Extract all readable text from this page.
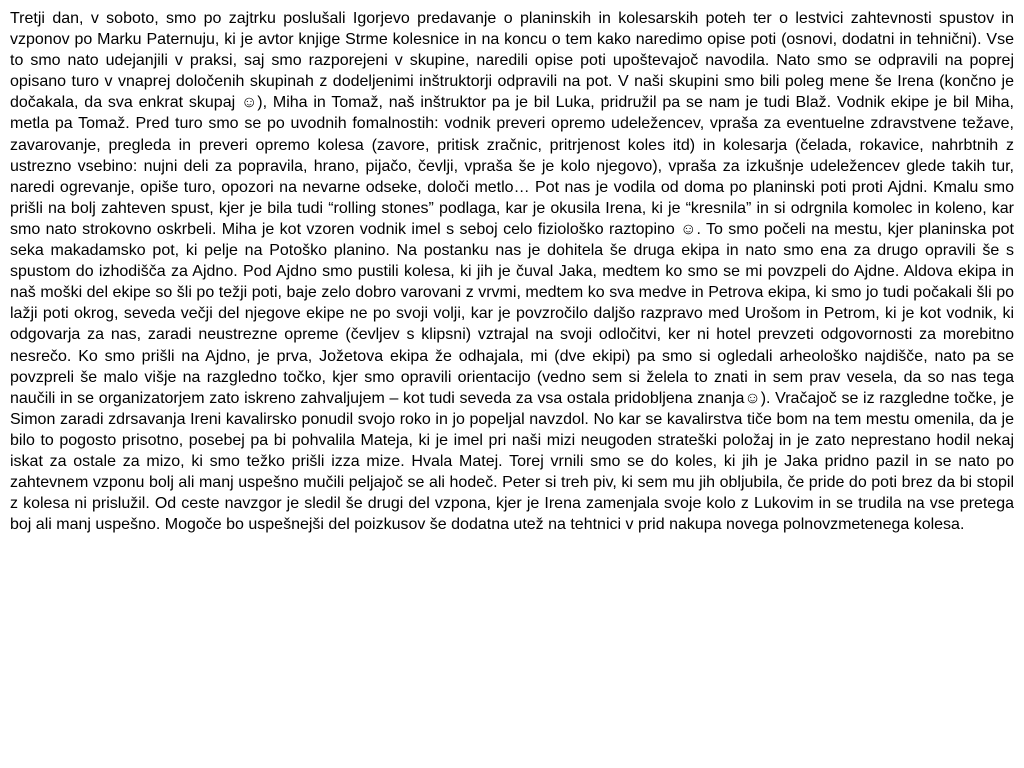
Tretji dan, v soboto, smo po zajtrku poslušali Igorjevo predavanje o planinskih in kolesarskih poteh ter o lestvici zahtevnosti spustov in vzponov po Marku Paternuju, ki je avtor knjige Strme kolesnice in na koncu o tem kako naredimo opise poti (osnovi, dodatni in tehnični). Vse to smo nato udejanjili v praksi, saj smo razporejeni v skupine, naredili opise poti upoštevajoč navodila. Nato smo se odpravili na poprej opisano turo v vnaprej določenih skupinah z dodeljenimi inštruktorji odpravili na pot. V naši skupini smo bili poleg mene še Irena (končno je dočakala, da sva enkrat skupaj ☺), Miha in Tomaž, naš inštruktor pa je bil Luka, pridružil pa se nam je tudi Blaž. Vodnik ekipe je bil Miha, metla pa Tomaž. Pred turo smo se po uvodnih fomalnostih: vodnik preveri opremo udeležencev, vpraša za eventuelne zdravstvene težave, zavarovanje, pregleda in preveri opremo kolesa (zavore, pritisk zračnic, pritrjenost koles itd) in kolesarja (čelada, rokavice, nahrbtnih z ustrezno vsebino: nujni deli za popravila, hrano, pijačo, čevlji, vpraša še je kolo njegovo), vpraša za izkušnje udeležencev glede takih tur, naredi ogrevanje, opiše turo, opozori na nevarne odseke, določi metlo… Pot nas je vodila od doma po planinski poti proti Ajdni. Kmalu smo prišli na bolj zahteven spust, kjer je bila tudi “rolling stones” podlaga, kar je okusila Irena, ki je “kresnila” in si odrgnila komolec in koleno, kar smo nato strokovno oskrbeli. Miha je kot vzoren vodnik imel s seboj celo fiziološko raztopino ☺. To smo počeli na mestu, kjer planinska pot seka makadamsko pot, ki pelje na Potoško planino. Na postanku nas je dohitela še druga ekipa in nato smo ena za drugo opravili še s spustom do izhodišča za Ajdno. Pod Ajdno smo pustili kolesa, ki jih je čuval Jaka, medtem ko smo se mi povzpeli do Ajdne. Aldova ekipa in naš moški del ekipe so šli po težji poti, baje zelo dobro varovani z vrvmi, medtem ko sva medve in Petrova ekipa, ki smo jo tudi počakali šli po lažji poti okrog, seveda večji del njegove ekipe ne po svoji volji, kar je povzročilo daljšo razpravo med Urošom in Petrom, ki je kot vodnik, ki odgovarja za nas, zaradi neustrezne opreme (čevljev s klipsni) vztrajal na svoji odločitvi, ker ni hotel prevzeti odgovornosti za morebitno nesrečo. Ko smo prišli na Ajdno, je prva, Jožetova ekipa že odhajala, mi (dve ekipi) pa smo si ogledali arheološko najdišče, nato pa se povzpreli še malo višje na razgledno točko, kjer smo opravili orientacijo (vedno sem si želela to znati in sem prav vesela, da so nas tega naučili in se organizatorjem zato iskreno zahvaljujem – kot tudi seveda za vsa ostala pridobljena znanja☺). Vračajoč se iz razgledne točke, je Simon zaradi zdrsavanja Ireni kavalirsko ponudil svojo roko in jo popeljal navzdol. No kar se kavalirstva tiče bom na tem mestu omenila, da je bilo to pogosto prisotno, posebej pa bi pohvalila Mateja, ki je imel pri naši mizi neugoden strateški položaj in je zato neprestano hodil nekaj iskat za ostale za mizo, ki smo težko prišli izza mize. Hvala Matej. Torej vrnili smo se do koles, ki jih je Jaka pridno pazil in se nato po zahtevnem vzponu bolj ali manj uspešno mučili peljajoč se ali hodeč. Peter si treh piv, ki sem mu jih obljubila, če pride do poti brez da bi stopil z kolesa ni prislužil. Od ceste navzgor je sledil še drugi del vzpona, kjer je Irena zamenjala svoje kolo z Lukovim in se trudila na vse pretega boj ali manj uspešno. Mogoče bo uspešnejši del poizkusov še dodatna utež na tehtnici v prid nakupa novega polnovzmetenega kolesa.
